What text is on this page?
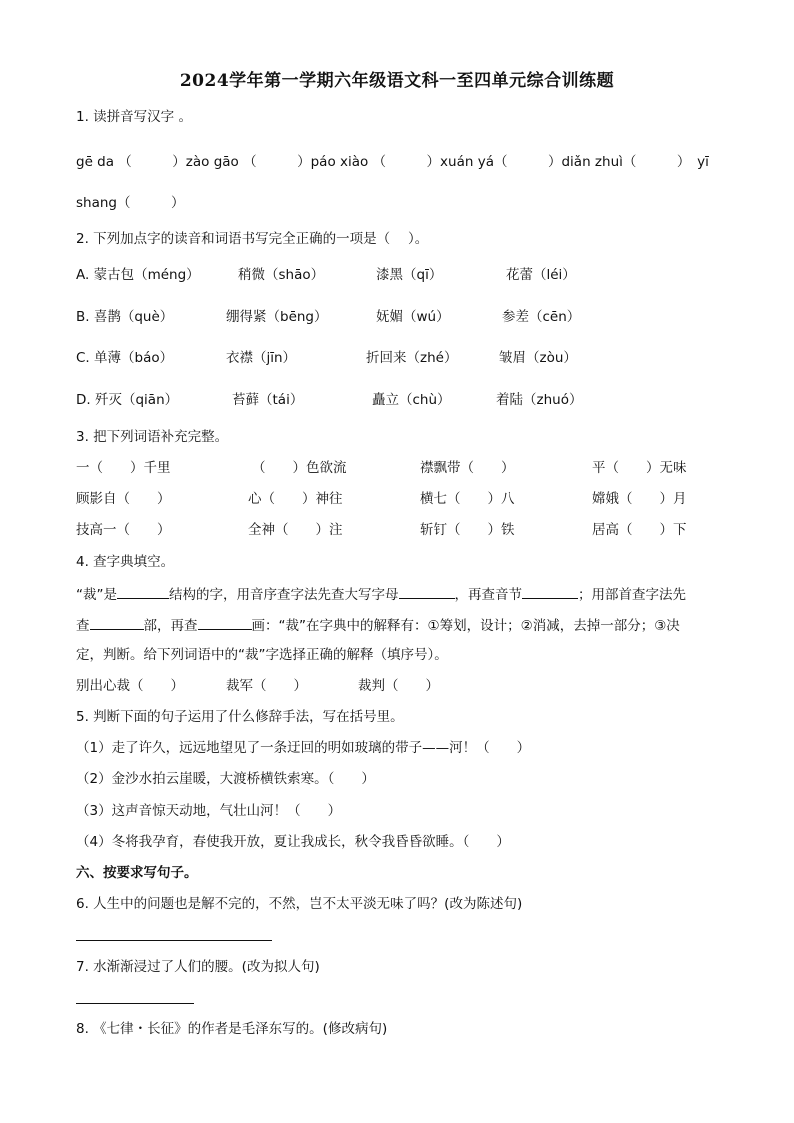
2024学年第一学期六年级语文科一至四单元综合训练题
1. 读拼音写汉字 。
gē da （　　　）zào gāo （　　　）páo xiào （　　　）xuán yá（　　　）diǎn zhuì（　　　）　yī
shang（　　　）
2. 下列加点字的读音和词语书写完全正确的一项是（　 ）。
A. 蒙古包（méng）	稍微（shāo）	漆黑（qī）	花蕾（léi）
B. 喜鹊（què）	绷得紧（bēng）	妩媚（wú）	参差（cēn）
C. 单薄（báo）	衣襟（jīn）	折回来（zhé）	皱眉（zòu）
D. 歼灭（qiān）	苔藓（tái）	矗立（chù）	着陆（zhuó）
3. 把下列词语补充完整。
一（　　）千里	（　　）色欲流	襟飘带（　　）	平（　　）无味
顾影自（　　）	心（　　）神往	横七（　　）八	嫦娥（　　）月
技高一（　　）	全神（　　）注	斩钉（　　）铁	居高（　　）下
4. 查字典填空。
“裁”是	结构的字，用音序查字法先查大写字母	，再查音节	；用部首查字法先
查	部，再查	画：“裁”在字典中的解释有：①筹划，设计；②消减，去掉一部分；③决
定，判断。给下列词语中的“裁”字选择正确的解释（填序号）。
别出心裁（　　）	裁军（　　）	裁判（　　）
5. 判断下面的句子运用了什么修辞手法，写在括号里。
（1）走了许久，远远地望见了一条迂回的明如玻璃的带子——河！（　　）
（2）金沙水拍云崖暖，大渡桥横铁索寒。（　　）
（3）这声音惊天动地，气壮山河！（　　）
（4）冬将我孕育，春使我开放，夏让我成长，秋令我昏昏欲睡。（　　）
六、按要求写句子。
6. 人生中的问题也是解不完的，不然，岂不太平淡无味了吗？(改为陈述句)
7. 水渐渐浸过了人们的腰。(改为拟人句)
8. 《七律・长征》的作者是毛泽东写的。(修改病句)
